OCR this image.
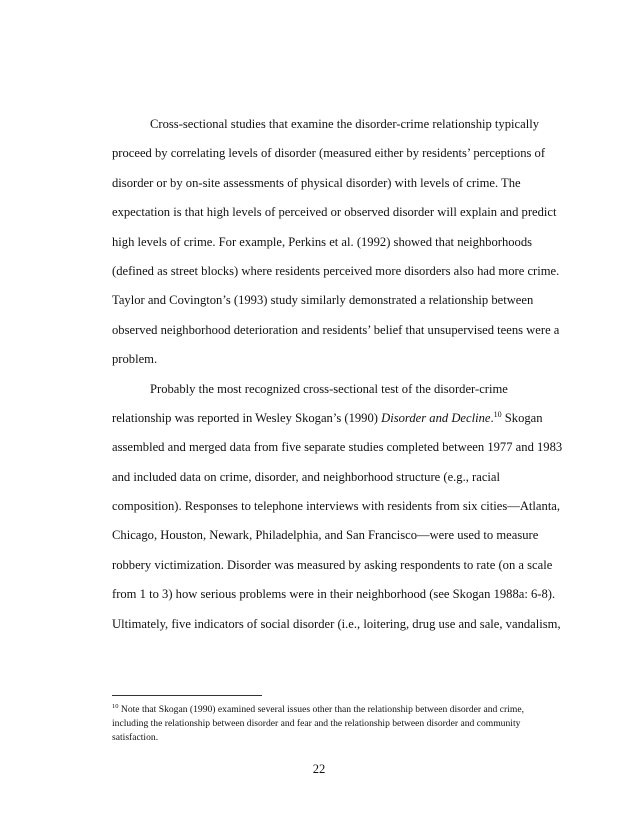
Cross-sectional studies that examine the disorder-crime relationship typically
proceed by correlating levels of disorder (measured either by residents’ perceptions of
disorder or by on-site assessments of physical disorder) with levels of crime. The
expectation is that high levels of perceived or observed disorder will explain and predict
high levels of crime. For example, Perkins et al. (1992) showed that neighborhoods
(defined as street blocks) where residents perceived more disorders also had more crime.
Taylor and Covington’s (1993) study similarly demonstrated a relationship between
observed neighborhood deterioration and residents’ belief that unsupervised teens were a
problem.
Probably the most recognized cross-sectional test of the disorder-crime
relationship was reported in Wesley Skogan’s (1990) Disorder and Decline.$^{10}$ Skogan
assembled and merged data from five separate studies completed between 1977 and 1983
and included data on crime, disorder, and neighborhood structure (e.g., racial
composition). Responses to telephone interviews with residents from six cities—Atlanta,
Chicago, Houston, Newark, Philadelphia, and San Francisco—were used to measure
robbery victimization. Disorder was measured by asking respondents to rate (on a scale
from 1 to 3) how serious problems were in their neighborhood (see Skogan 1988a: 6-8).
Ultimately, five indicators of social disorder (i.e., loitering, drug use and sale, vandalism,
$^{10}$ Note that Skogan (1990) examined several issues other than the relationship between disorder and crime,
including the relationship between disorder and fear and the relationship between disorder and community
satisfaction.
22
